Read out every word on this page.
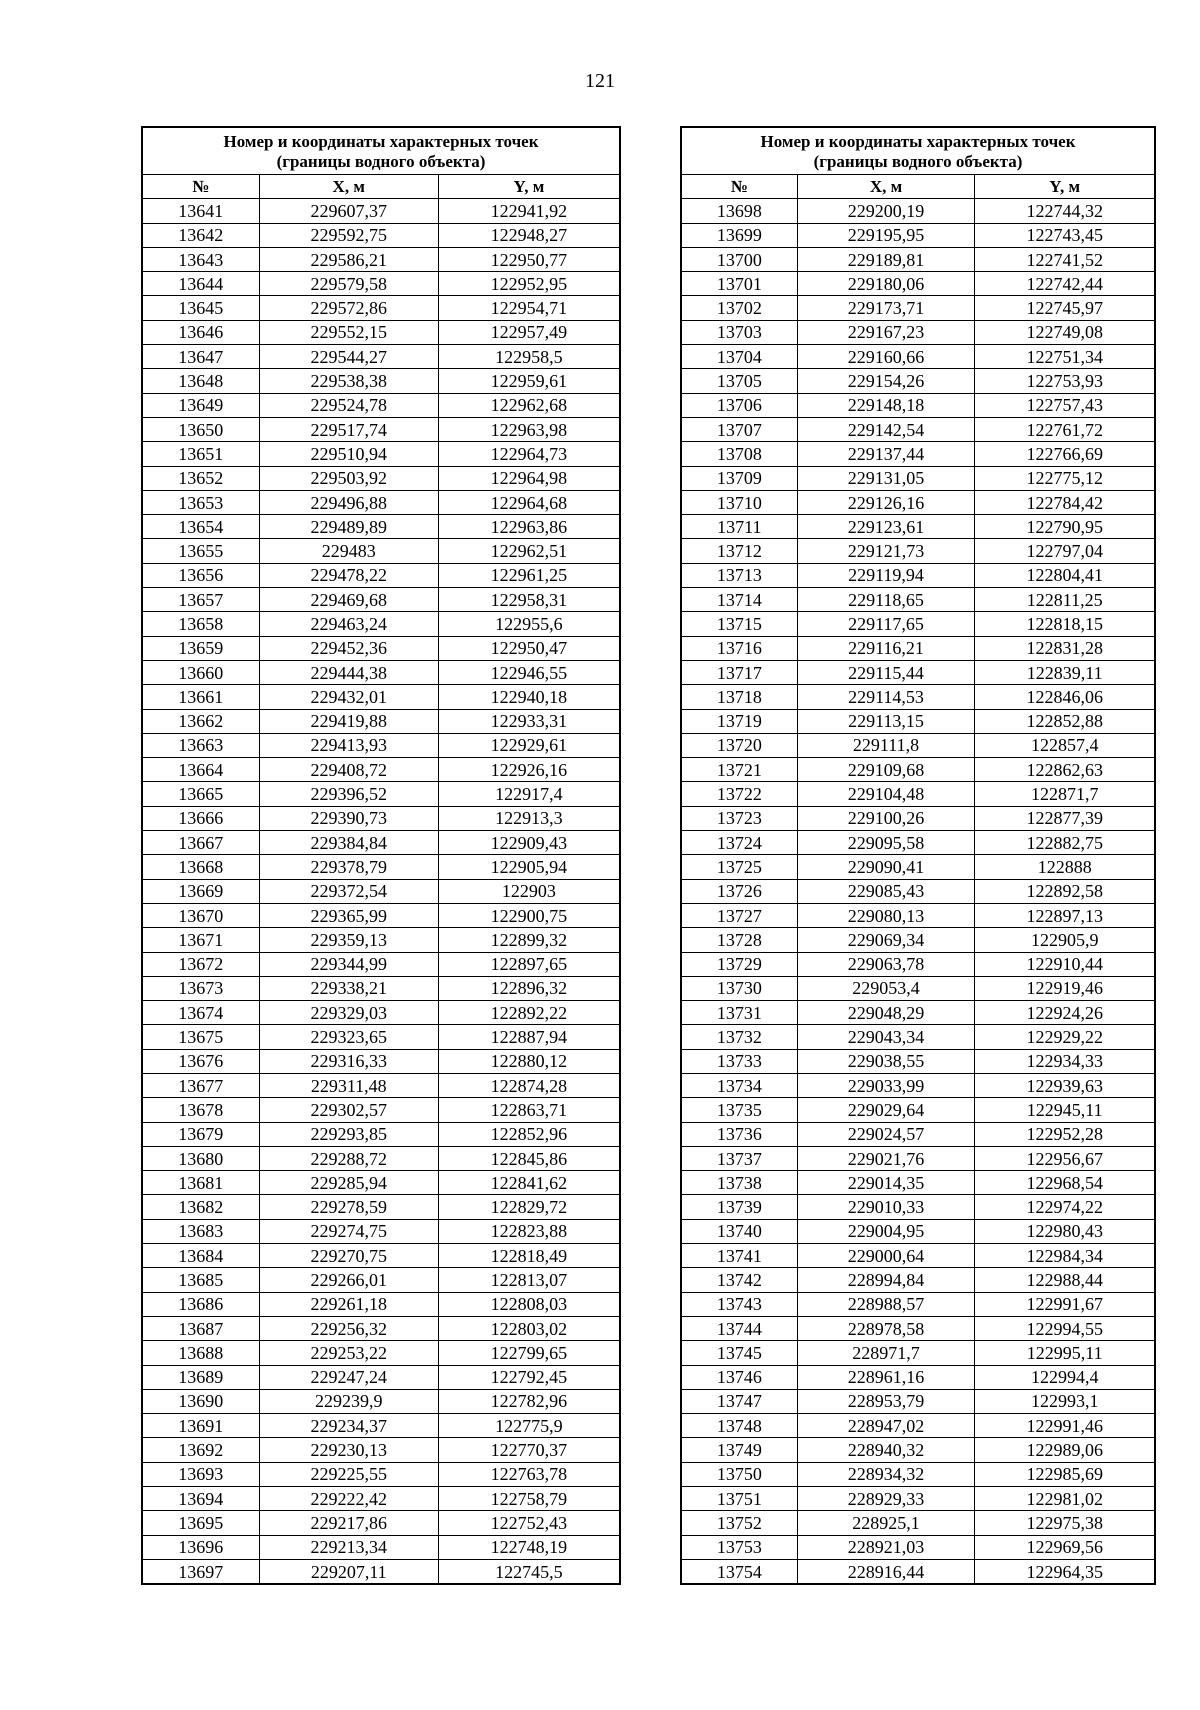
121
Номер и координаты характерных точек
(границы водного объекта)		

№	X, м	Y, м
13641	229607,37	122941,92
13642	229592,75	122948,27
13643	229586,21	122950,77
13644	229579,58	122952,95
13645	229572,86	122954,71
13646	229552,15	122957,49
13647	229544,27	122958,5
13648	229538,38	122959,61
13649	229524,78	122962,68
13650	229517,74	122963,98
13651	229510,94	122964,73
13652	229503,92	122964,98
13653	229496,88	122964,68
13654	229489,89	122963,86
13655	229483	122962,51
13656	229478,22	122961,25
13657	229469,68	122958,31
13658	229463,24	122955,6
13659	229452,36	122950,47
13660	229444,38	122946,55
13661	229432,01	122940,18
13662	229419,88	122933,31
13663	229413,93	122929,61
13664	229408,72	122926,16
13665	229396,52	122917,4
13666	229390,73	122913,3
13667	229384,84	122909,43
13668	229378,79	122905,94
13669	229372,54	122903
13670	229365,99	122900,75
13671	229359,13	122899,32
13672	229344,99	122897,65
13673	229338,21	122896,32
13674	229329,03	122892,22
13675	229323,65	122887,94
13676	229316,33	122880,12
13677	229311,48	122874,28
13678	229302,57	122863,71
13679	229293,85	122852,96
13680	229288,72	122845,86
13681	229285,94	122841,62
13682	229278,59	122829,72
13683	229274,75	122823,88
13684	229270,75	122818,49
13685	229266,01	122813,07
13686	229261,18	122808,03
13687	229256,32	122803,02
13688	229253,22	122799,65
13689	229247,24	122792,45
13690	229239,9	122782,96
13691	229234,37	122775,9
13692	229230,13	122770,37
13693	229225,55	122763,78
13694	229222,42	122758,79
13695	229217,86	122752,43
13696	229213,34	122748,19
13697	229207,11	122745,5
Номер и координаты характерных точек
(границы водного объекта)		

№	X, м	Y, м
13698	229200,19	122744,32
13699	229195,95	122743,45
13700	229189,81	122741,52
13701	229180,06	122742,44
13702	229173,71	122745,97
13703	229167,23	122749,08
13704	229160,66	122751,34
13705	229154,26	122753,93
13706	229148,18	122757,43
13707	229142,54	122761,72
13708	229137,44	122766,69
13709	229131,05	122775,12
13710	229126,16	122784,42
13711	229123,61	122790,95
13712	229121,73	122797,04
13713	229119,94	122804,41
13714	229118,65	122811,25
13715	229117,65	122818,15
13716	229116,21	122831,28
13717	229115,44	122839,11
13718	229114,53	122846,06
13719	229113,15	122852,88
13720	229111,8	122857,4
13721	229109,68	122862,63
13722	229104,48	122871,7
13723	229100,26	122877,39
13724	229095,58	122882,75
13725	229090,41	122888
13726	229085,43	122892,58
13727	229080,13	122897,13
13728	229069,34	122905,9
13729	229063,78	122910,44
13730	229053,4	122919,46
13731	229048,29	122924,26
13732	229043,34	122929,22
13733	229038,55	122934,33
13734	229033,99	122939,63
13735	229029,64	122945,11
13736	229024,57	122952,28
13737	229021,76	122956,67
13738	229014,35	122968,54
13739	229010,33	122974,22
13740	229004,95	122980,43
13741	229000,64	122984,34
13742	228994,84	122988,44
13743	228988,57	122991,67
13744	228978,58	122994,55
13745	228971,7	122995,11
13746	228961,16	122994,4
13747	228953,79	122993,1
13748	228947,02	122991,46
13749	228940,32	122989,06
13750	228934,32	122985,69
13751	228929,33	122981,02
13752	228925,1	122975,38
13753	228921,03	122969,56
13754	228916,44	122964,35
